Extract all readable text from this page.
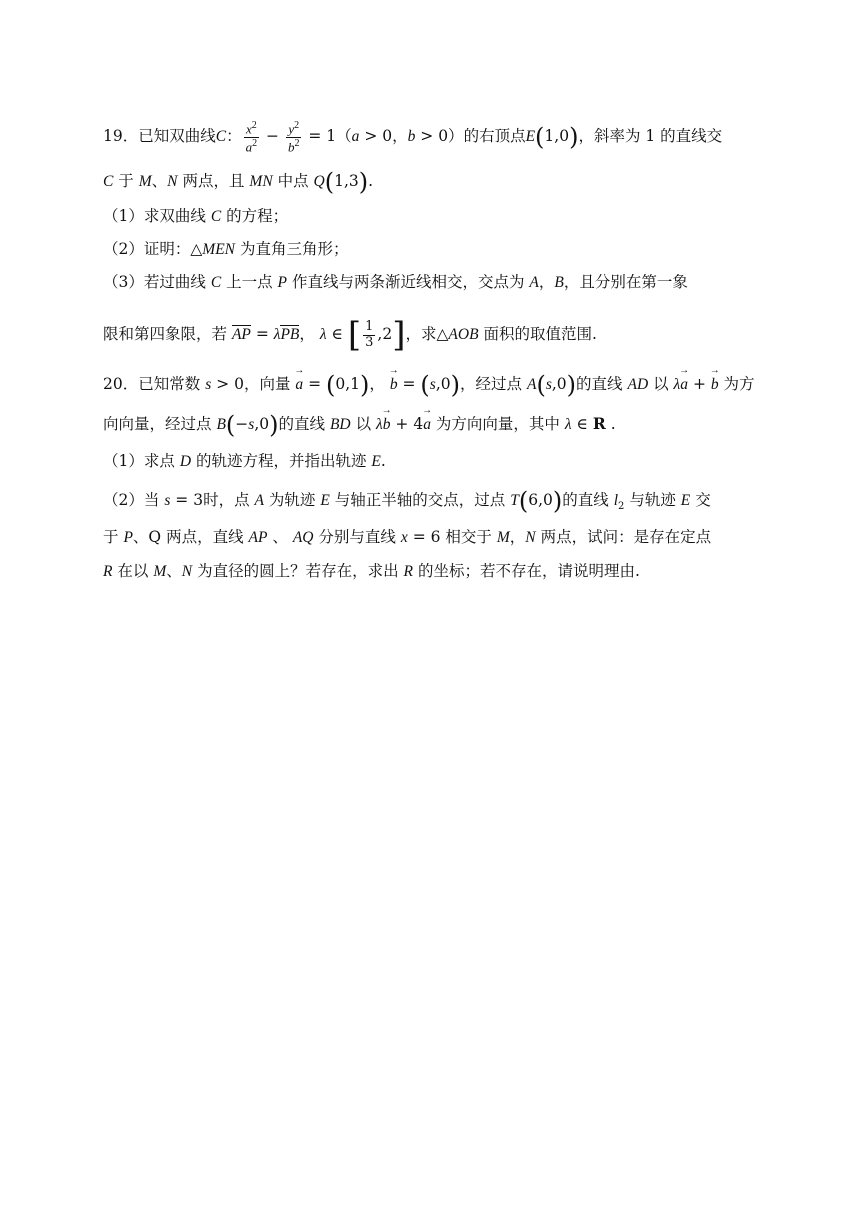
19．已知双曲线C： $\frac{x^2}{a^2} - \frac{y^2}{b^2} = 1(a > 0$，b > 0）的右顶点E(1,0)，斜率为 1 的直线交
C 于 M、N 两点，且 MN 中点 Q(1,3).
（1）求双曲线 C 的方程；
（2）证明：△MEN 为直角三角形；
（3）若过曲线 C 上一点 P 作直线与两条渐近线相交，交点为 A，B，且分别在第一象
限和第四象限，若 AP = λPB， λ ∈ [ $\frac{1}{3} ,2$]，求△AOB 面积的取值范围.
20．已知常数 s > 0，向量 a → = (0,1)， b → = (s,0)，经过点 A(s,0)的直线 AD 以 λa → + b → 为方
向向量，经过点 B(−s,0)的直线 BD 以 λb → + 4a → 为方向向量，其中 λ ∈ R .
（1）求点 D 的轨迹方程，并指出轨迹 E.
（2）当 s = 3时，点 A 为轨迹 E 与轴正半轴的交点，过点 T(6,0)的直线 $l_2$ 与轨迹 E 交
于 P、Q 两点，直线 AP 、 AQ 分别与直线 x = 6 相交于 M，N 两点，试问：是存在定点
R 在以 M、N 为直径的圆上？若存在，求出 R 的坐标；若不存在，请说明理由.
